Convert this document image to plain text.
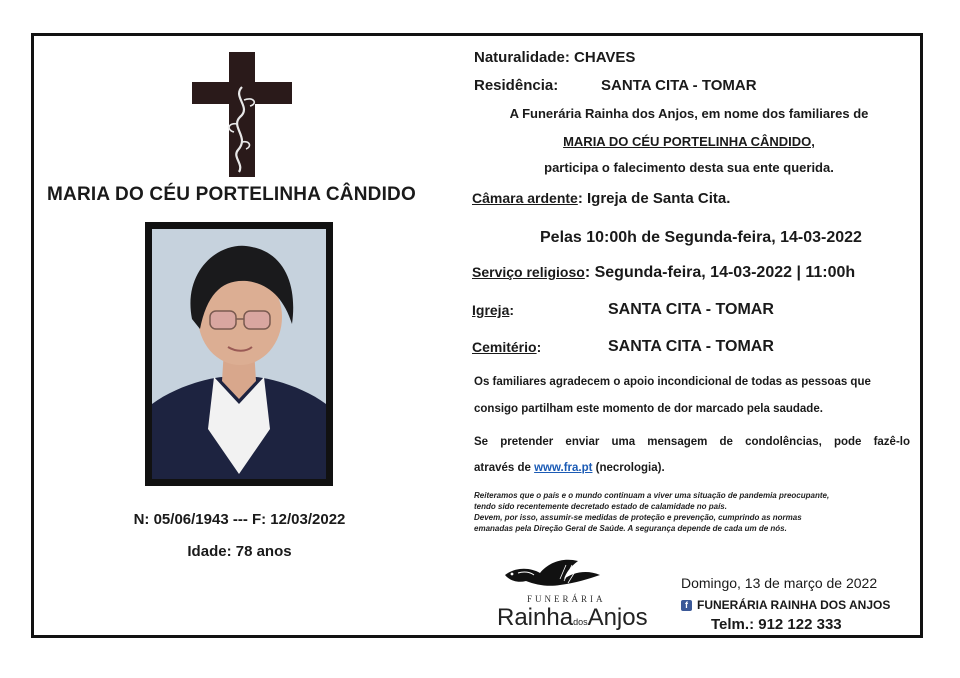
MARIA DO CÉU PORTELINHA CÂNDIDO
N: 05/06/1943 --- F: 12/03/2022
Idade: 78 anos
Naturalidade: CHAVES
Residência:	SANTA CITA - TOMAR
A Funerária Rainha dos Anjos, em nome dos familiares de
MARIA DO CÉU PORTELINHA CÂNDIDO,
participa o falecimento desta sua ente querida.
Câmara ardente: Igreja de Santa Cita.
Pelas 10:00h de Segunda-feira, 14-03-2022
Serviço religioso: Segunda-feira, 14-03-2022 | 11:00h
Igreja:	SANTA CITA - TOMAR
Cemitério:	SANTA CITA - TOMAR
Os familiares agradecem o apoio incondicional de todas as pessoas que
consigo partilham este momento de dor marcado pela saudade.
Se pretender enviar uma mensagem de condolências, pode fazê-lo
através de www.fra.pt (necrologia).
Reiteramos que o país e o mundo continuam a viver uma situação de pandemia preocupante,
tendo sido recentemente decretado estado de calamidade no país.
Devem, por isso, assumir-se medidas de proteção e prevenção, cumprindo as normas
emanadas pela Direção Geral de Saúde. A segurança depende de cada um de nós.
FUNERÁRIA
RainhadosAnjos
Domingo, 13 de março de 2022
f FUNERÁRIA RAINHA DOS ANJOS
Telm.: 912 122 333
